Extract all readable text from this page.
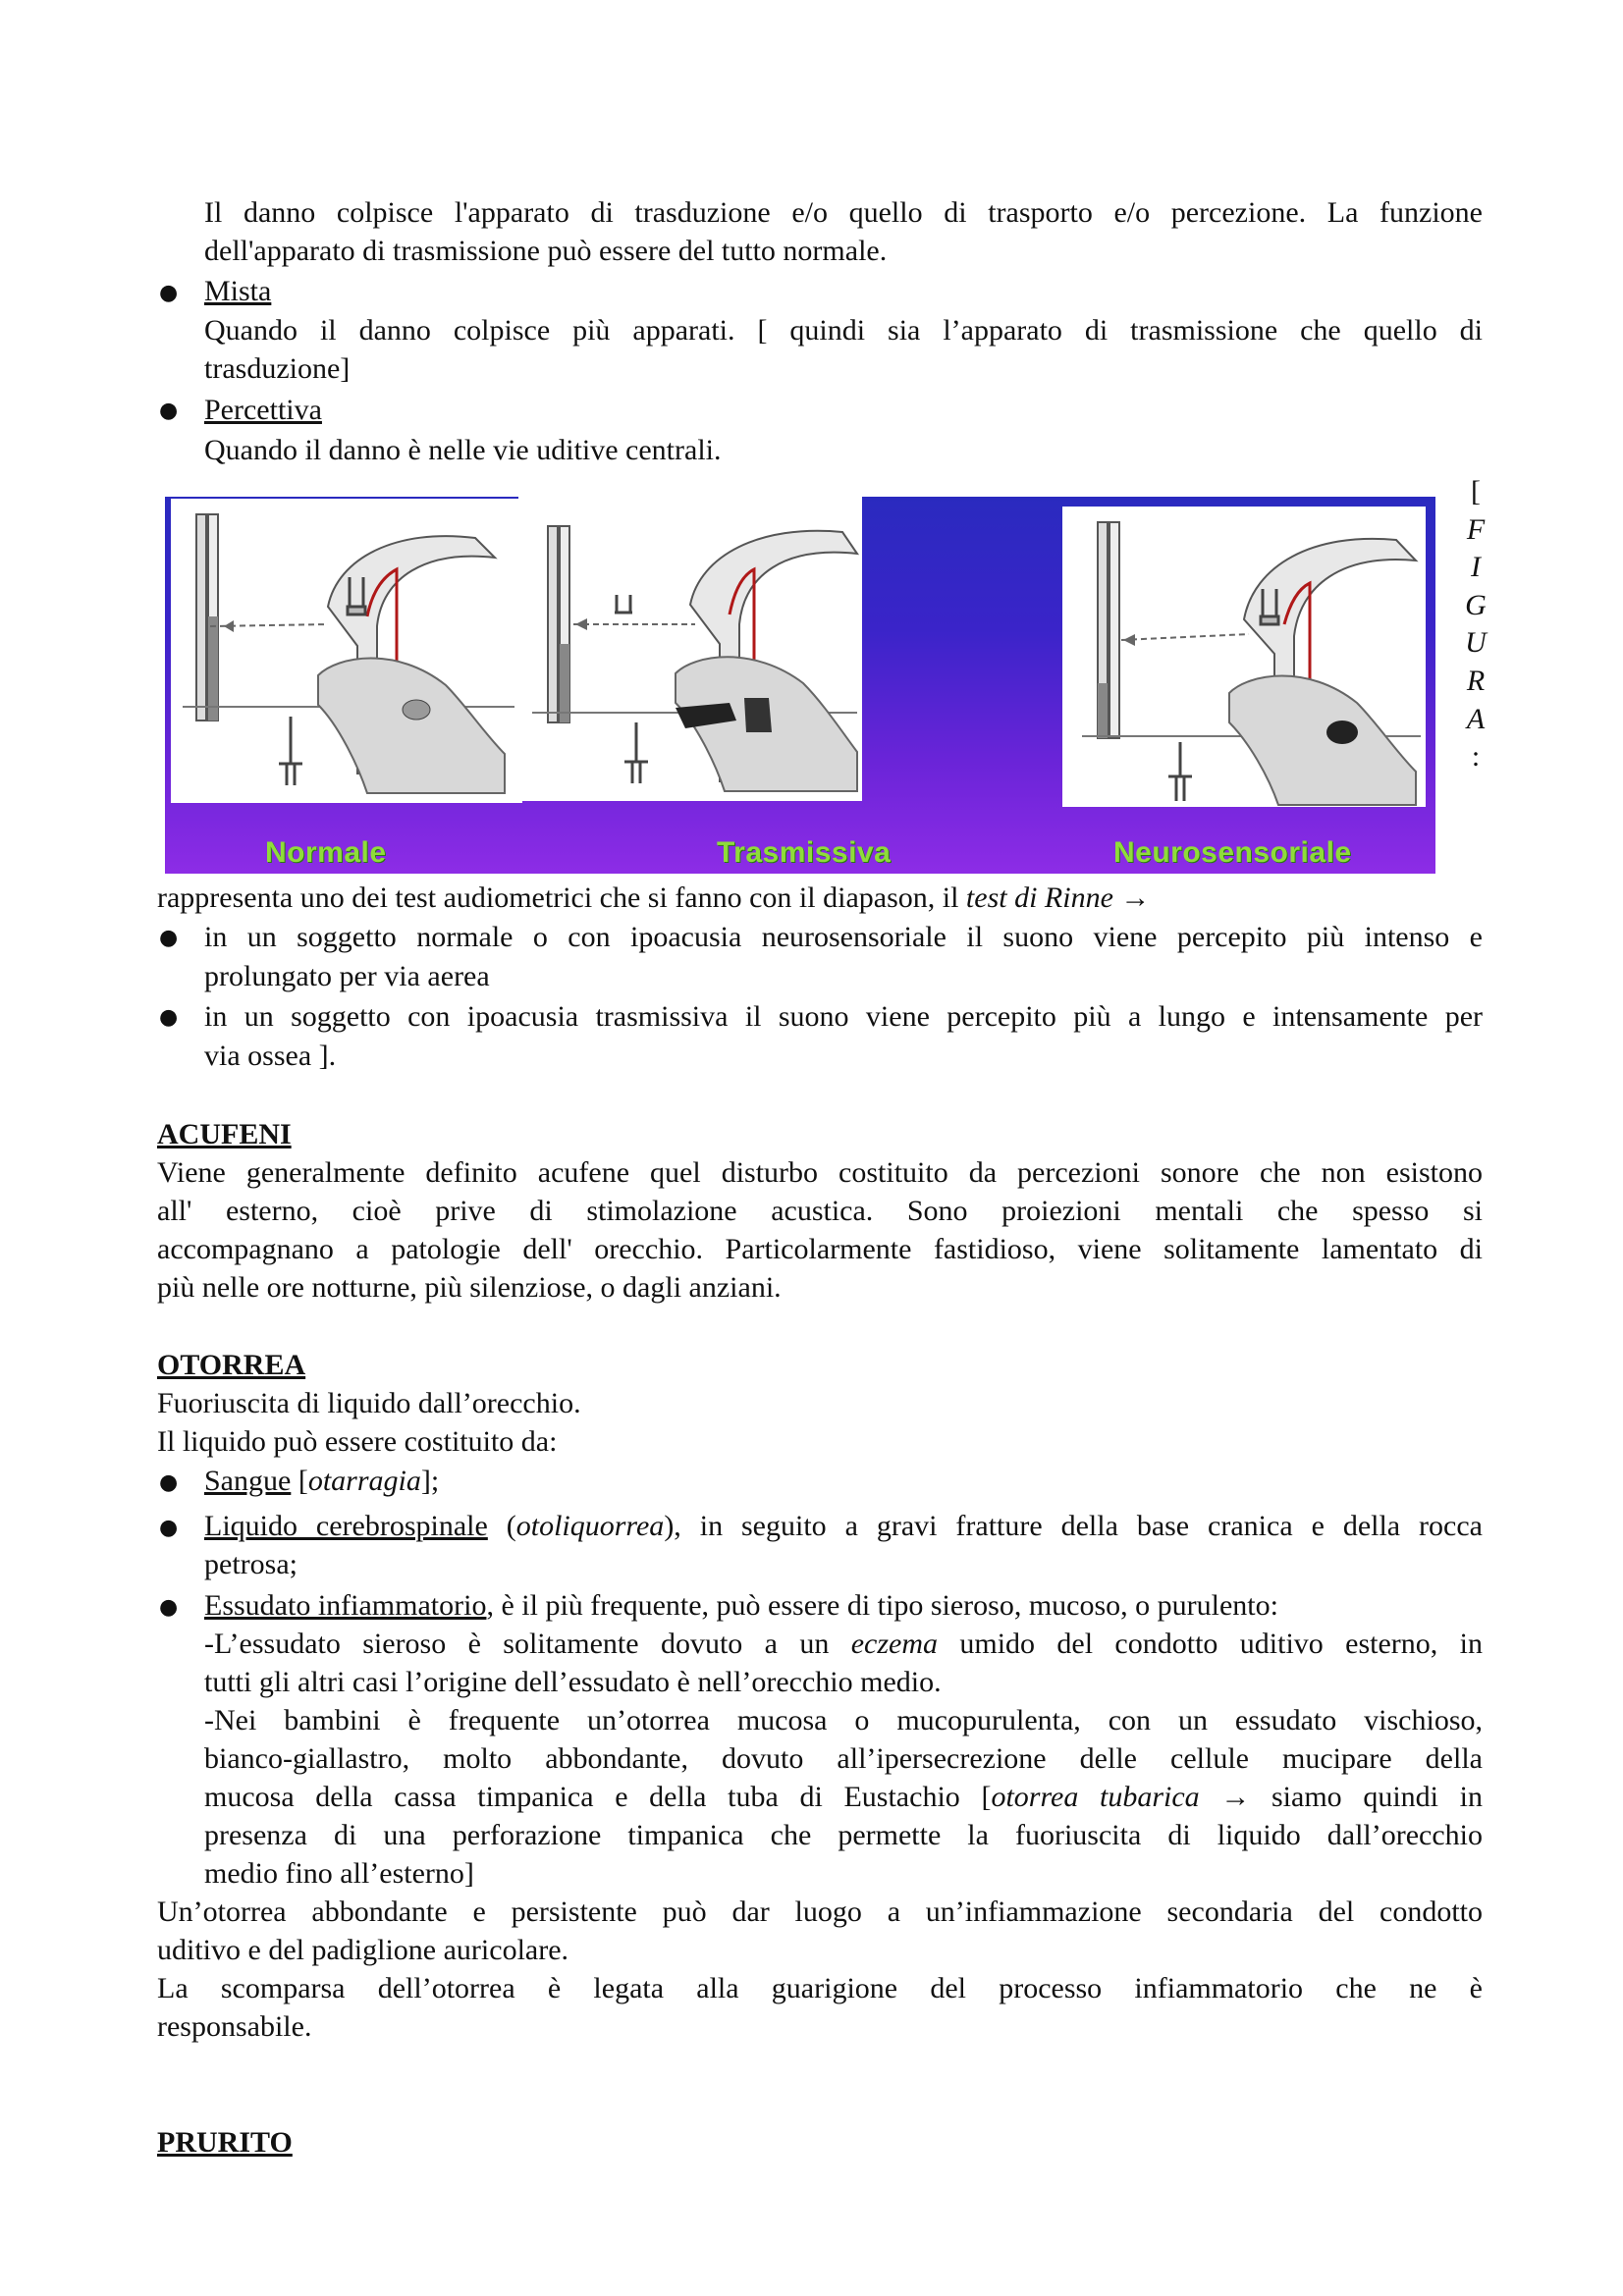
Il danno colpisce l'apparato di trasduzione e/o quello di trasporto e/o percezione. La funzione
dell'apparato di trasmissione può essere del tutto normale.
● Mista
Quando il danno colpisce più apparati. [ quindi sia l’apparato di trasmissione che quello di
trasduzione]
● Percettiva
Quando il danno è nelle vie uditive centrali.
[
F
I
G
U
R
A
:
Normale	Trasmissiva	Neurosensoriale
rappresenta uno dei test audiometrici che si fanno con il diapason, il test di Rinne →
● in un soggetto normale o con ipoacusia neurosensoriale il suono viene percepito più intenso e
prolungato per via aerea
● in un soggetto con ipoacusia trasmissiva il suono viene percepito più a lungo e intensamente per
via ossea ].
ACUFENI
Viene generalmente definito acufene quel disturbo costituito da percezioni sonore che non esistono
all' esterno, cioè prive di stimolazione acustica. Sono proiezioni mentali che spesso si
accompagnano a patologie dell' orecchio. Particolarmente fastidioso, viene solitamente lamentato di
più nelle ore notturne, più silenziose, o dagli anziani.
OTORREA
Fuoriuscita di liquido dall’orecchio.
Il liquido può essere costituito da:
● Sangue [otarragia];
● Liquido cerebrospinale (otoliquorrea), in seguito a gravi fratture della base cranica e della rocca
petrosa;
● Essudato infiammatorio, è il più frequente, può essere di tipo sieroso, mucoso, o purulento:
-L’essudato sieroso è solitamente dovuto a un eczema umido del condotto uditivo esterno, in
tutti gli altri casi l’origine dell’essudato è nell’orecchio medio.
-Nei bambini è frequente un’otorrea mucosa o mucopurulenta, con un essudato vischioso,
bianco-giallastro, molto abbondante, dovuto all’ipersecrezione delle cellule mucipare della
mucosa della cassa timpanica e della tuba di Eustachio [otorrea tubarica → siamo quindi in
presenza di una perforazione timpanica che permette la fuoriuscita di liquido dall’orecchio
medio fino all’esterno]
Un’otorrea abbondante e persistente può dar luogo a un’infiammazione secondaria del condotto
uditivo e del padiglione auricolare.
La scomparsa dell’otorrea è legata alla guarigione del processo infiammatorio che ne è
responsabile.
PRURITO
